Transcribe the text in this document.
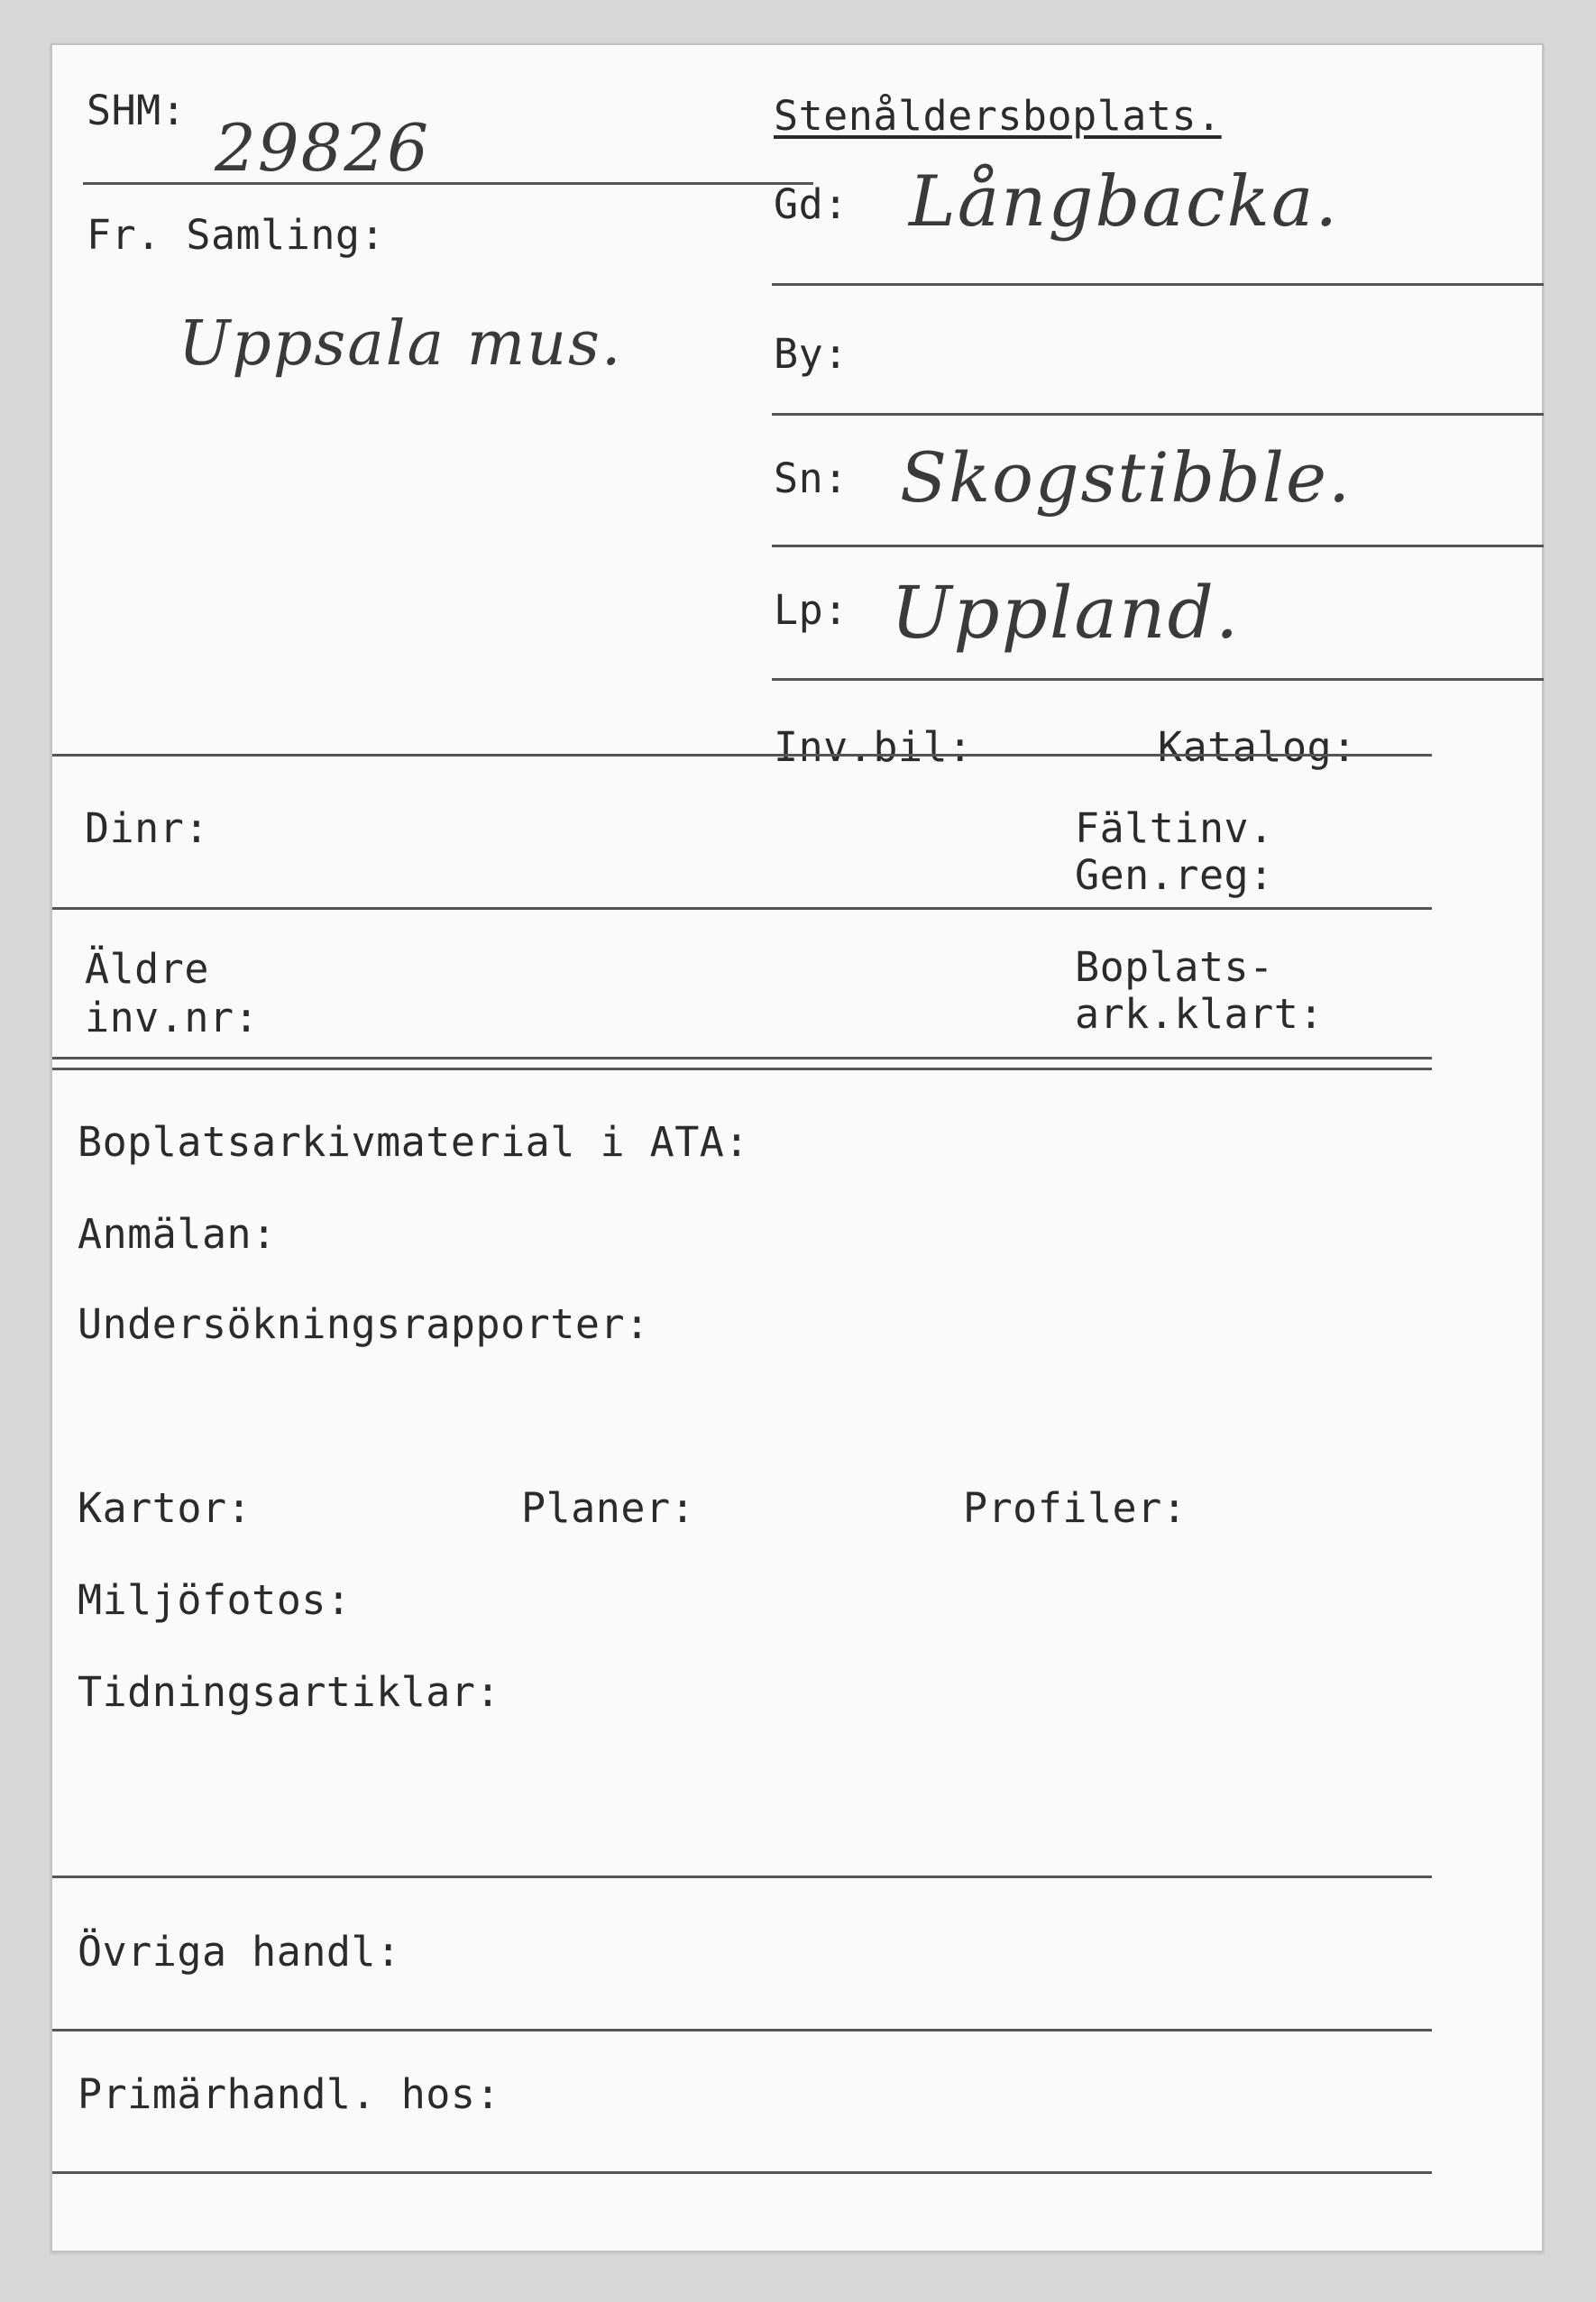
SHM: 29826
Fr. Samling:
Uppsala mus.
Stenåldersboplats.
Gd: Långbacka.
By:
Sn: Skogstibble.
Lp: Uppland.
Inv.bil:	Katalog:
Dinr:	Fältinv.
Gen.reg:
Äldre
inv.nr:
Boplats-
ark.klart:
Boplatsarkivmaterial i ATA:
Anmälan:
Undersökningsrapporter:
Kartor:	Planer:	Profiler:
Miljöfotos:
Tidningsartiklar:
Övriga handl:
Primärhandl. hos:
